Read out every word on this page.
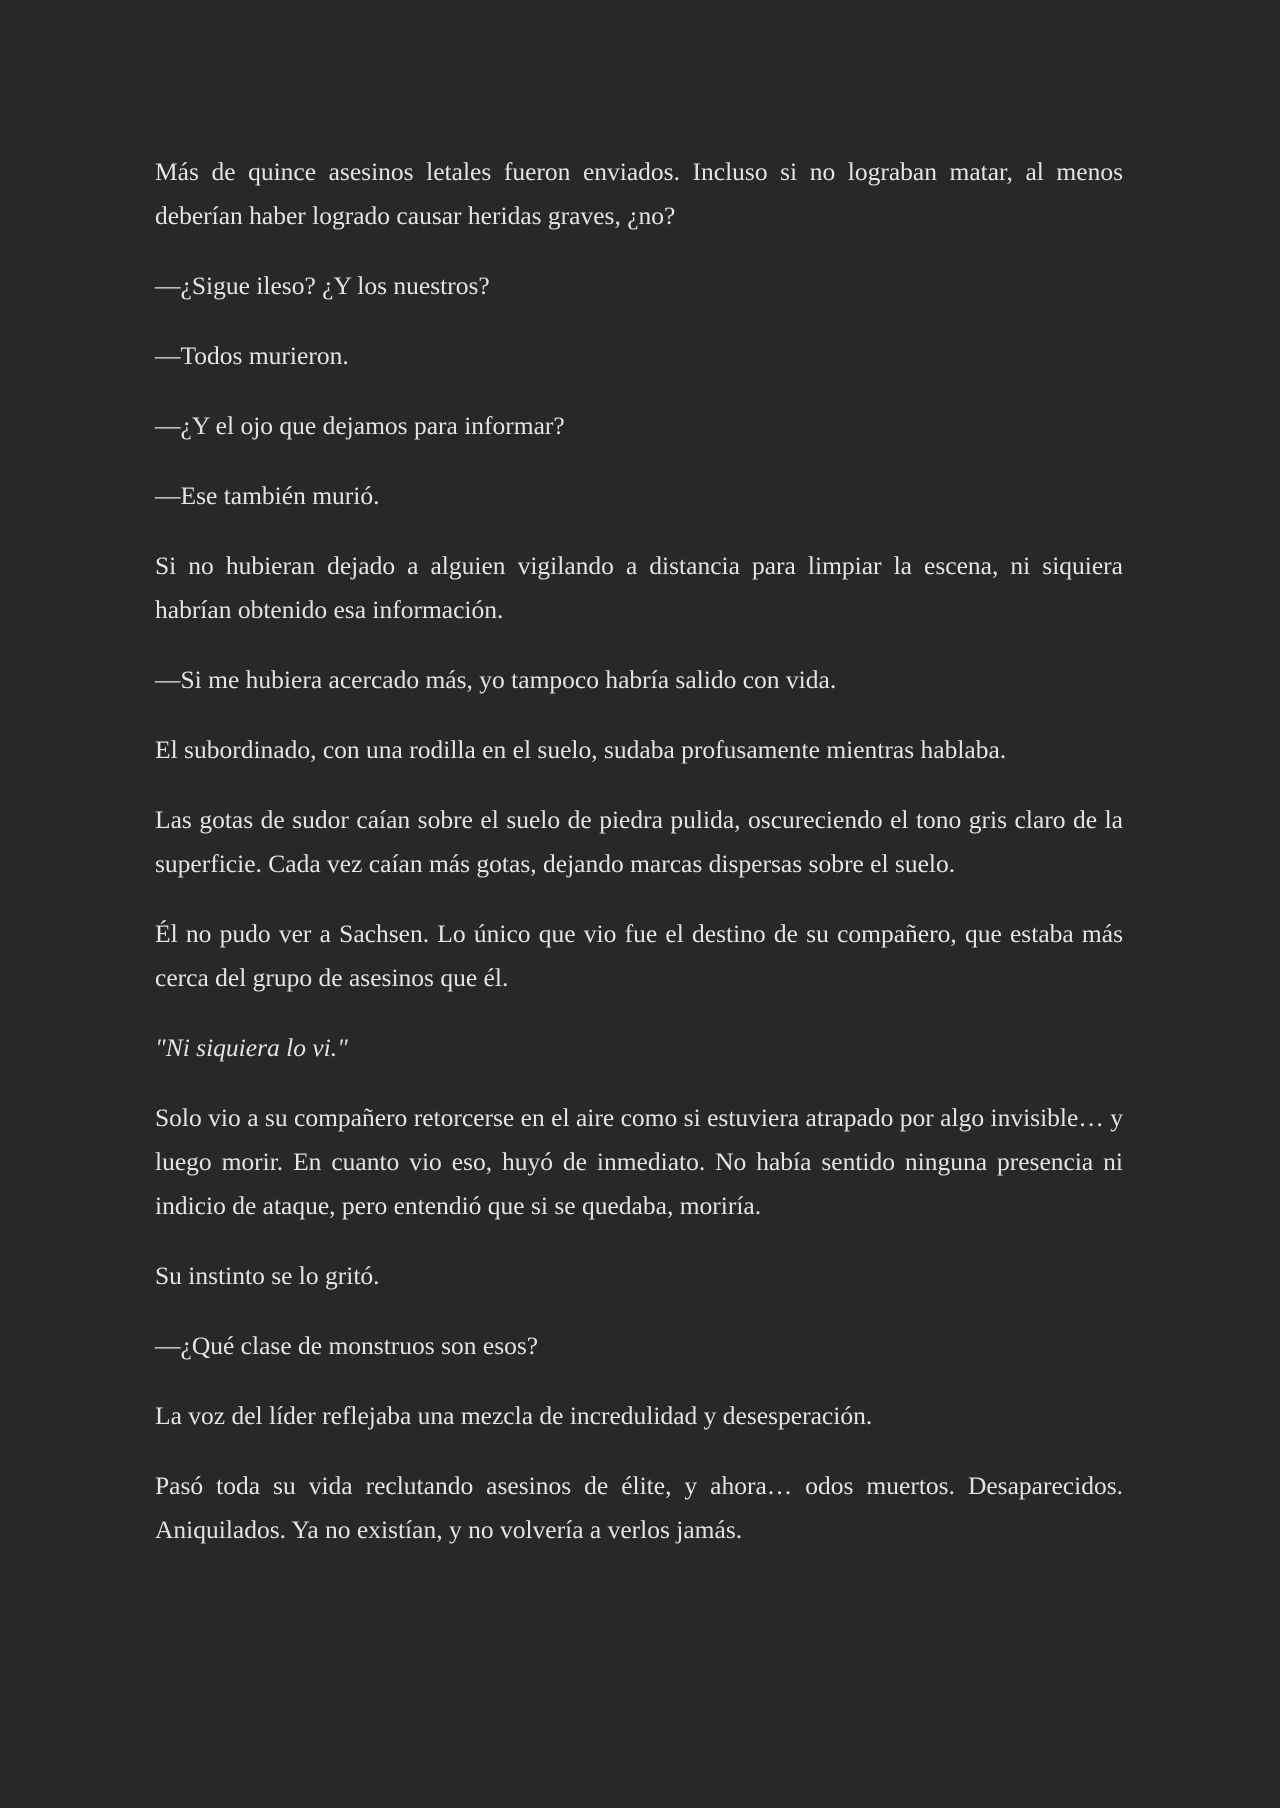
Más de quince asesinos letales fueron enviados. Incluso si no lograban matar, al menos deberían haber logrado causar heridas graves, ¿no?

—¿Sigue ileso? ¿Y los nuestros?

—Todos murieron.

—¿Y el ojo que dejamos para informar?

—Ese también murió.

Si no hubieran dejado a alguien vigilando a distancia para limpiar la escena, ni siquiera habrían obtenido esa información.

—Si me hubiera acercado más, yo tampoco habría salido con vida.

El subordinado, con una rodilla en el suelo, sudaba profusamente mientras hablaba.

Las gotas de sudor caían sobre el suelo de piedra pulida, oscureciendo el tono gris claro de la superficie. Cada vez caían más gotas, dejando marcas dispersas sobre el suelo.

Él no pudo ver a Sachsen. Lo único que vio fue el destino de su compañero, que estaba más cerca del grupo de asesinos que él.

"Ni siquiera lo vi."

Solo vio a su compañero retorcerse en el aire como si estuviera atrapado por algo invisible… y luego morir. En cuanto vio eso, huyó de inmediato. No había sentido ninguna presencia ni indicio de ataque, pero entendió que si se quedaba, moriría.

Su instinto se lo gritó.

—¿Qué clase de monstruos son esos?

La voz del líder reflejaba una mezcla de incredulidad y desesperación.

Pasó toda su vida reclutando asesinos de élite, y ahora… odos muertos. Desaparecidos. Aniquilados. Ya no existían, y no volvería a verlos jamás.
